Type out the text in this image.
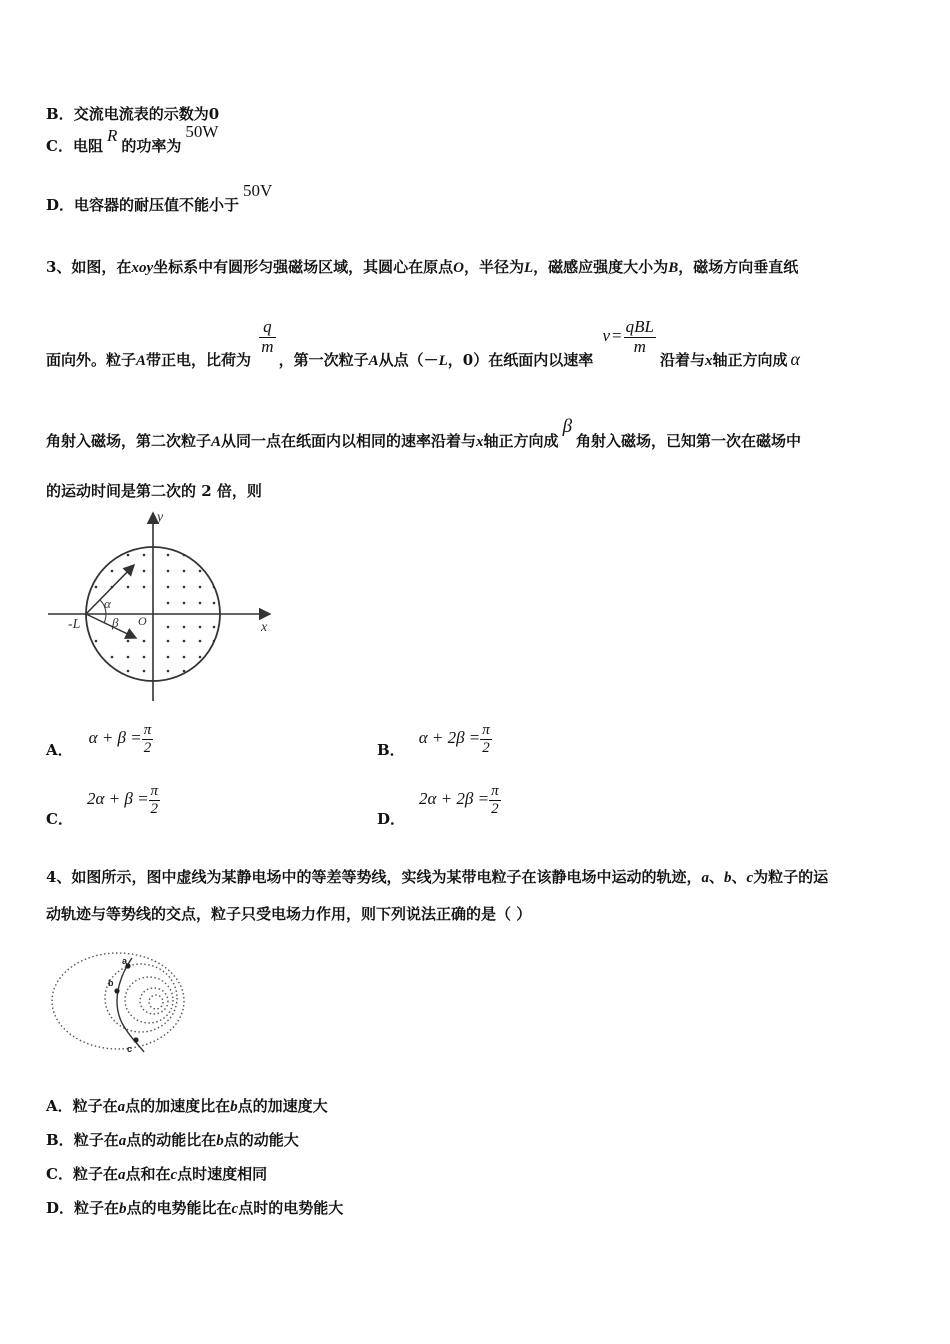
B．交流电流表的示数为0
C．电阻R的功率为50W
D．电容器的耐压值不能小于50V
3、如图，在xoy坐标系中有圆形匀强磁场区域，其圆心在原点O，半径为L，磁感应强度大小为B，磁场方向垂直纸
面向外。粒子A带正电，比荷为
$\frac{q}{m}$
，第一次粒子A从点（－L，0）在纸面内以速率 $v = \frac{\text{qBL}}{m}$
沿着与x轴正方向成 α
角射入磁场，第二次粒子A从同一点在纸面内以相同的速率沿着与x轴正方向成β角射入磁场，已知第一次在磁场中
的运动时间是第二次的 2 倍，则
y
x
-L	O
α
β
A．$\alpha + \beta = \frac{\pi}{2}$	B．$\alpha + 2\beta = \frac{\pi}{2}$
C．$2\alpha + \beta = \frac{\pi}{2}$
D．$2\alpha + 2\beta = \frac{\pi}{2}$
4、如图所示，图中虚线为某静电场中的等差等势线，实线为某带电粒子在该静电场中运动的轨迹，a、b、c为粒子的运
动轨迹与等势线的交点，粒子只受电场力作用，则下列说法正确的是（ ）
a
b
c
A．粒子在a点的加速度比在b点的加速度大
B．粒子在a点的动能比在b点的动能大
C．粒子在a点和在c点时速度相同
D．粒子在b点的电势能比在c点时的电势能大
